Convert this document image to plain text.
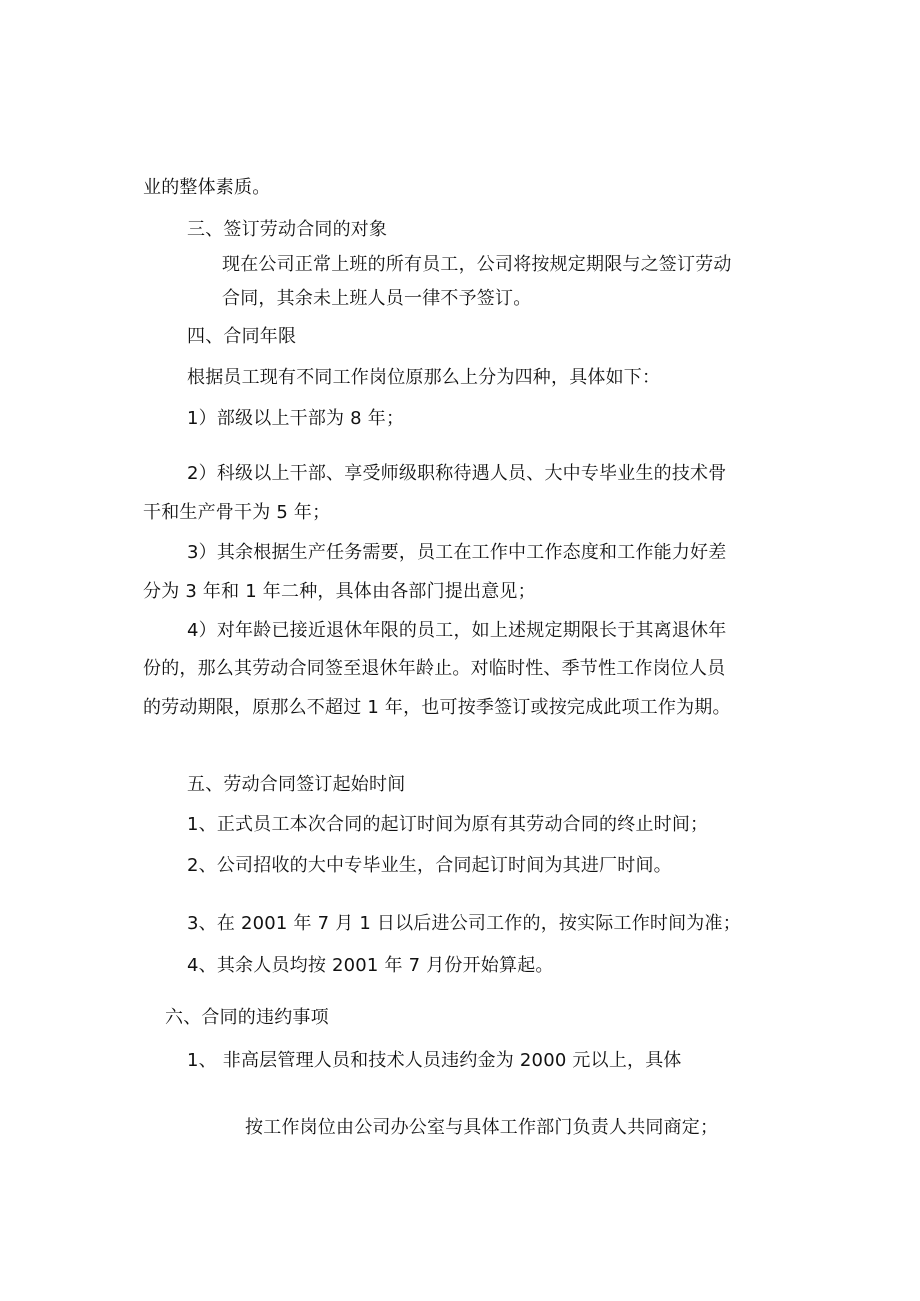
业的整体素质。
三、签订劳动合同的对象
现在公司正常上班的所有员工，公司将按规定期限与之签订劳动
合同，其余未上班人员一律不予签订。
四、合同年限
根据员工现有不同工作岗位原那么上分为四种，具体如下：
1）部级以上干部为 8 年；
2）科级以上干部、享受师级职称待遇人员、大中专毕业生的技术骨
干和生产骨干为 5 年；
3）其余根据生产任务需要，员工在工作中工作态度和工作能力好差
分为 3 年和 1 年二种，具体由各部门提出意见；
4）对年龄已接近退休年限的员工，如上述规定期限长于其离退休年
份的，那么其劳动合同签至退休年龄止。对临时性、季节性工作岗位人员
的劳动期限，原那么不超过 1 年，也可按季签订或按完成此项工作为期。
五、劳动合同签订起始时间
1、正式员工本次合同的起订时间为原有其劳动合同的终止时间；
2、公司招收的大中专毕业生，合同起订时间为其进厂时间。
3、在 2001 年 7 月 1 日以后进公司工作的，按实际工作时间为准；
4、其余人员均按 2001 年 7 月份开始算起。
六、合同的违约事项
1、 非高层管理人员和技术人员违约金为 2000 元以上，具体
按工作岗位由公司办公室与具体工作部门负责人共同商定；
